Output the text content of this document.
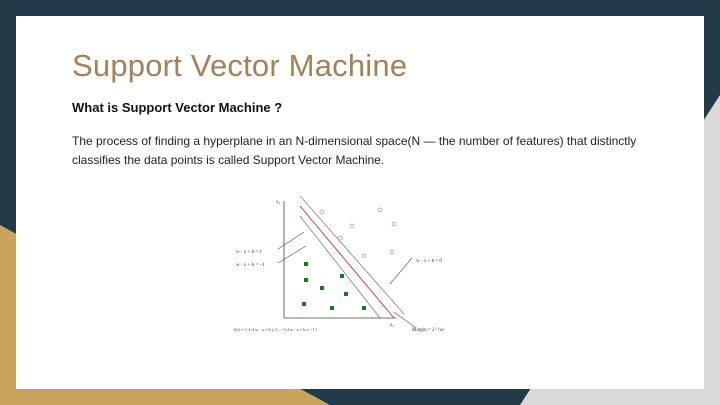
Support Vector Machine

What is Support Vector Machine ?

The process of finding a hyperplane in an N-dimensional space(N — the number of features) that distinctly classifies the data points is called Support Vector Machine.

x₂
x₁
w · x + b = 1
w · x + b = −1
w · x + b = 0
Margin = 2 / |w|
f(x) = { 1 if w · x + b ≥ 1 ; −1 if w · x + b ≤ −1 }
